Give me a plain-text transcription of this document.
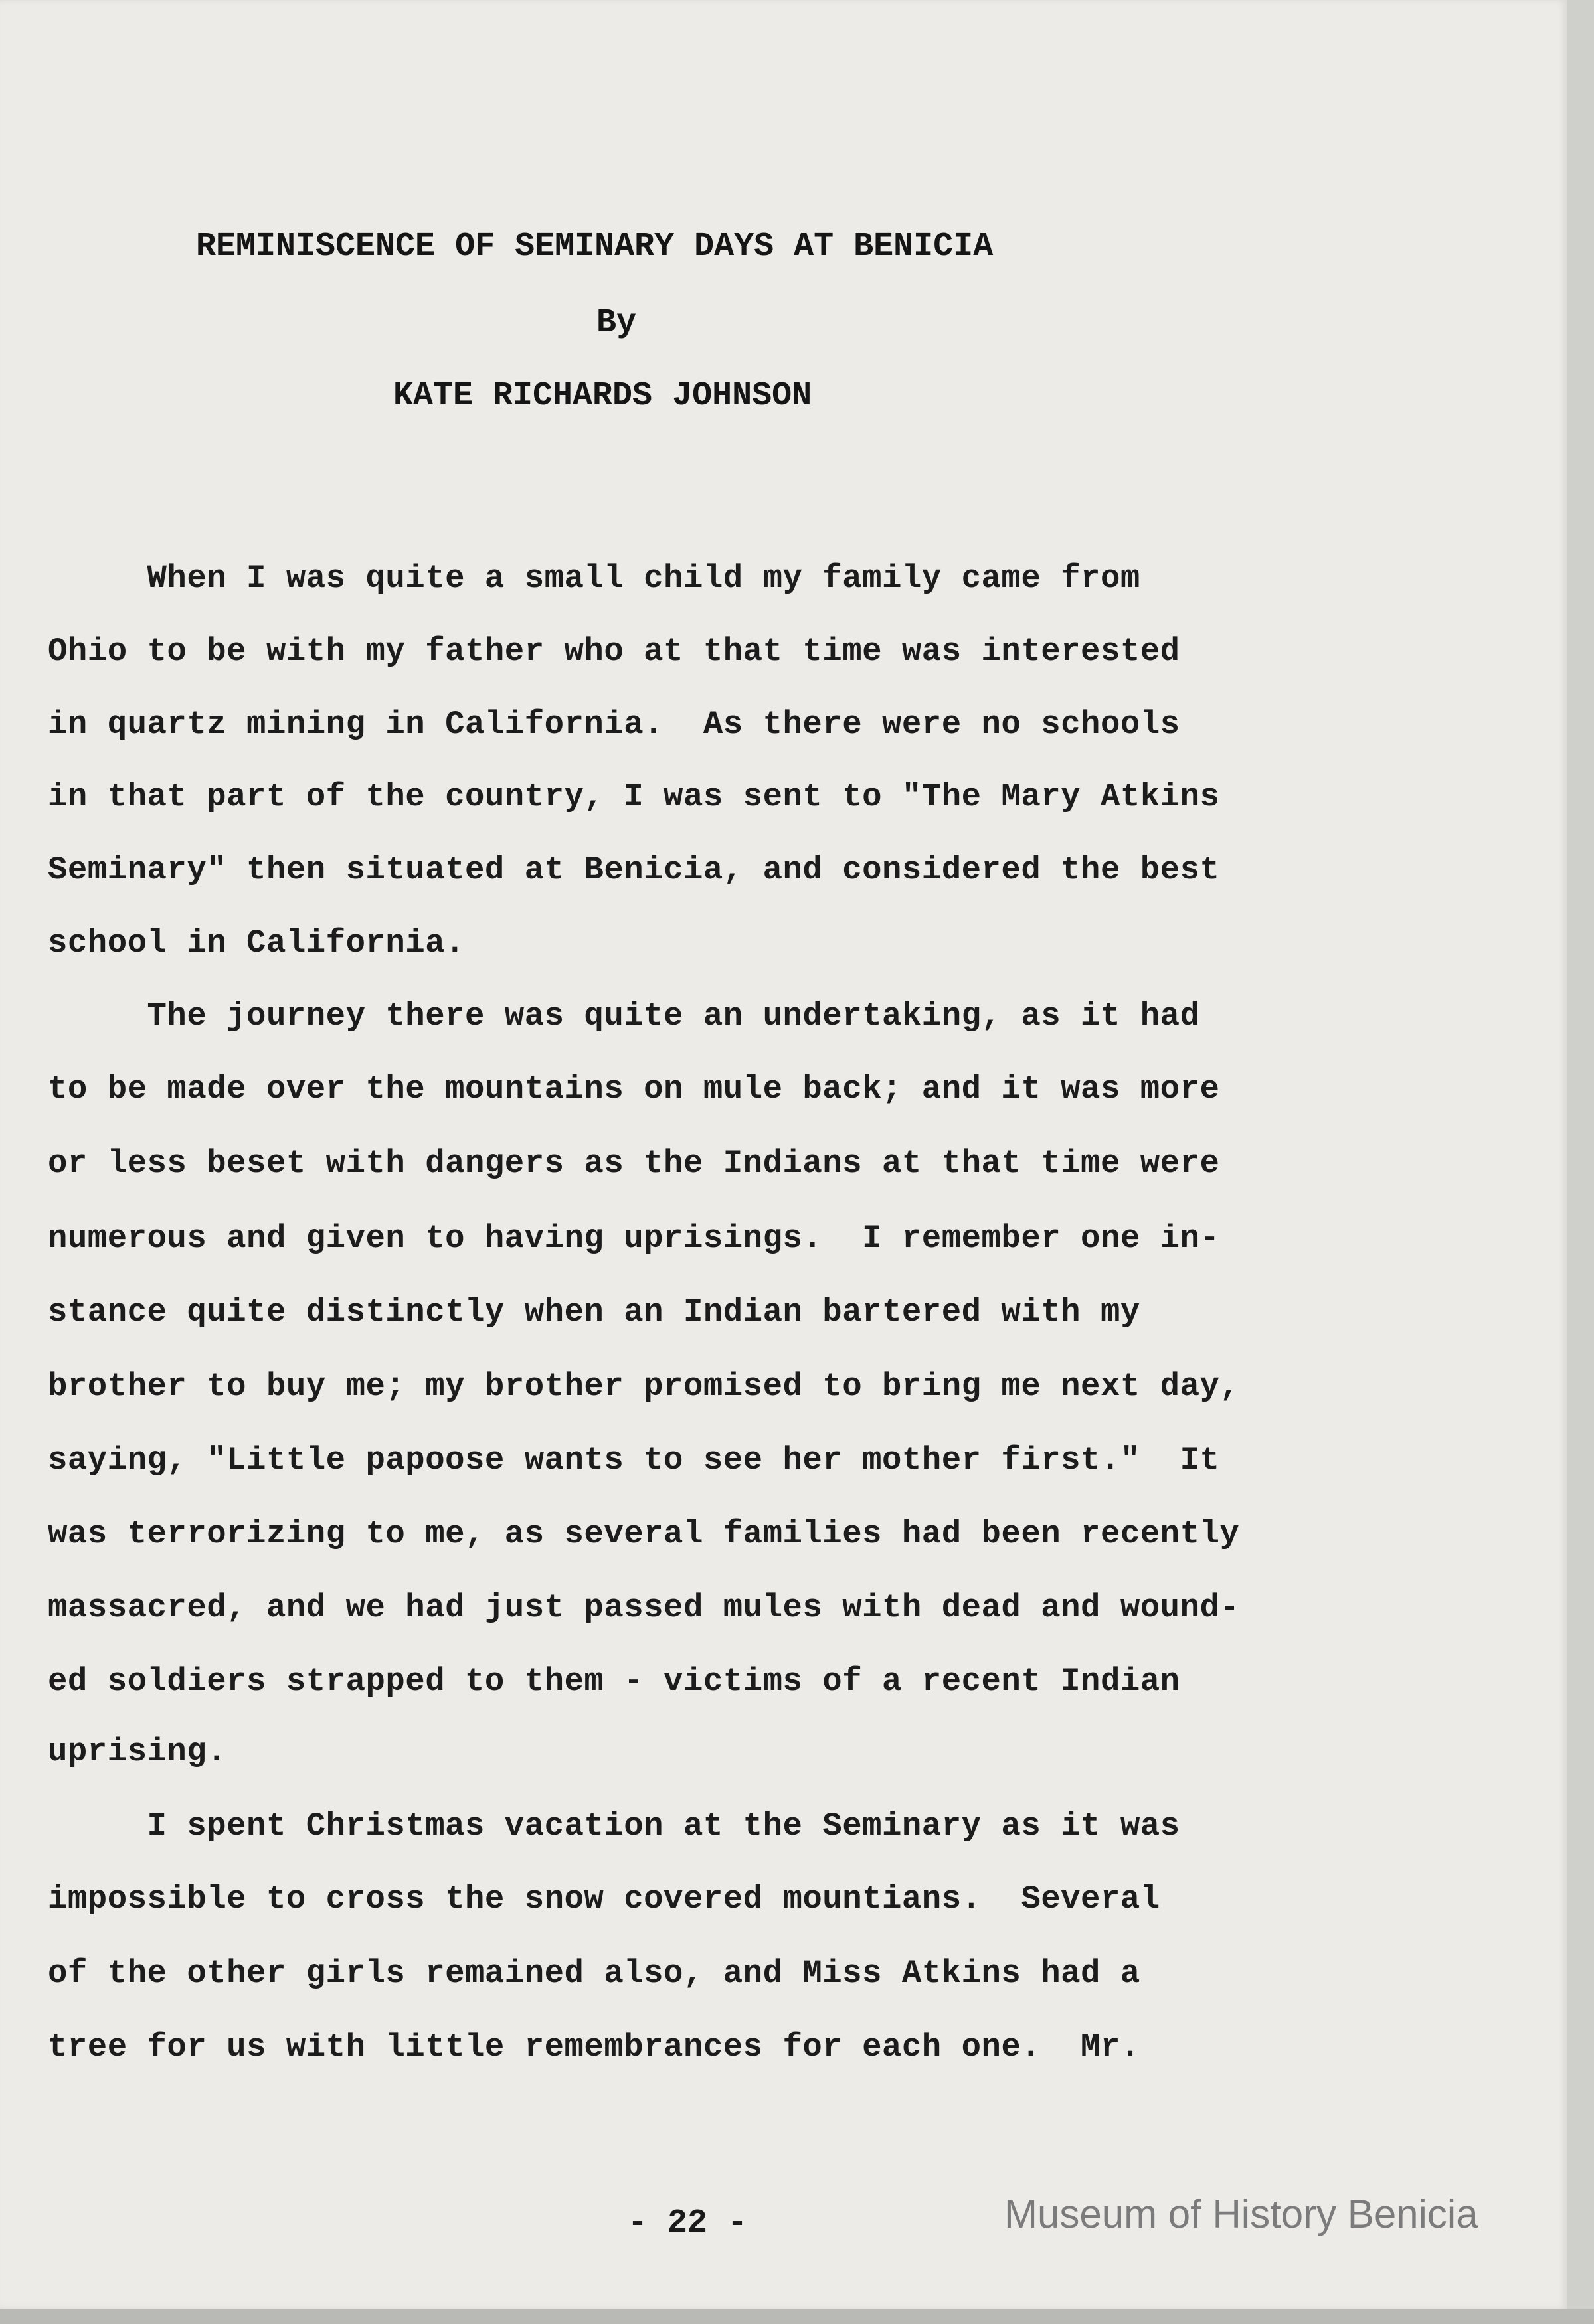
REMINISCENCE OF SEMINARY DAYS AT BENICIA
By
KATE RICHARDS JOHNSON
When I was quite a small child my family came from
Ohio to be with my father who at that time was interested
in quartz mining in California.  As there were no schools
in that part of the country, I was sent to "The Mary Atkins
Seminary" then situated at Benicia, and considered the best
school in California.
The journey there was quite an undertaking, as it had
to be made over the mountains on mule back; and it was more
or less beset with dangers as the Indians at that time were
numerous and given to having uprisings.  I remember one in-
stance quite distinctly when an Indian bartered with my
brother to buy me; my brother promised to bring me next day,
saying, "Little papoose wants to see her mother first."  It
was terrorizing to me, as several families had been recently
massacred, and we had just passed mules with dead and wound-
ed soldiers strapped to them - victims of a recent Indian
uprising.
I spent Christmas vacation at the Seminary as it was
impossible to cross the snow covered mountians.  Several
of the other girls remained also, and Miss Atkins had a
tree for us with little remembrances for each one.  Mr.
- 22 -	Museum of History Benicia
